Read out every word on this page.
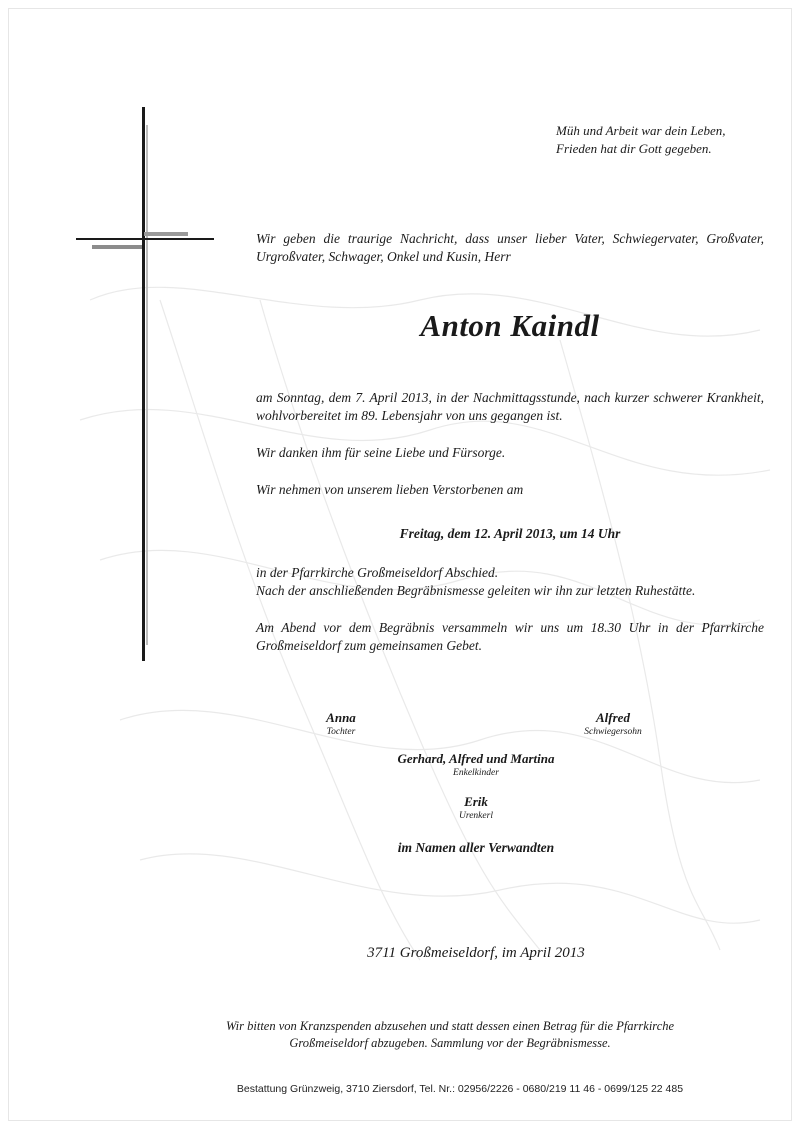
Müh und Arbeit war dein Leben,
Frieden hat dir Gott gegeben.
Wir geben die traurige Nachricht, dass unser lieber Vater, Schwiegervater, Großvater, Urgroßvater, Schwager, Onkel und Kusin, Herr
Anton Kaindl
am Sonntag, dem 7. April 2013, in der Nachmittagsstunde, nach kurzer schwerer Krankheit, wohlvorbereitet im 89. Lebensjahr von uns gegangen ist.
Wir danken ihm für seine Liebe und Fürsorge.
Wir nehmen von unserem lieben Verstorbenen am
Freitag, dem 12. April 2013, um 14 Uhr
in der Pfarrkirche Großmeiseldorf Abschied.
Nach der anschließenden Begräbnismesse geleiten wir ihn zur letzten Ruhestätte.
Am Abend vor dem Begräbnis versammeln wir uns um 18.30 Uhr in der Pfarrkirche Großmeiseldorf zum gemeinsamen Gebet.
Anna
Tochter
Alfred
Schwiegersohn
Gerhard, Alfred und Martina
Enkelkinder
Erik
Urenkerl
im Namen aller Verwandten
3711 Großmeiseldorf, im April 2013
Wir bitten von Kranzspenden abzusehen und statt dessen einen Betrag für die Pfarrkirche
Großmeiseldorf abzugeben. Sammlung vor der Begräbnismesse.
Bestattung Grünzweig, 3710 Ziersdorf, Tel. Nr.: 02956/2226 - 0680/219 11 46 - 0699/125 22 485
